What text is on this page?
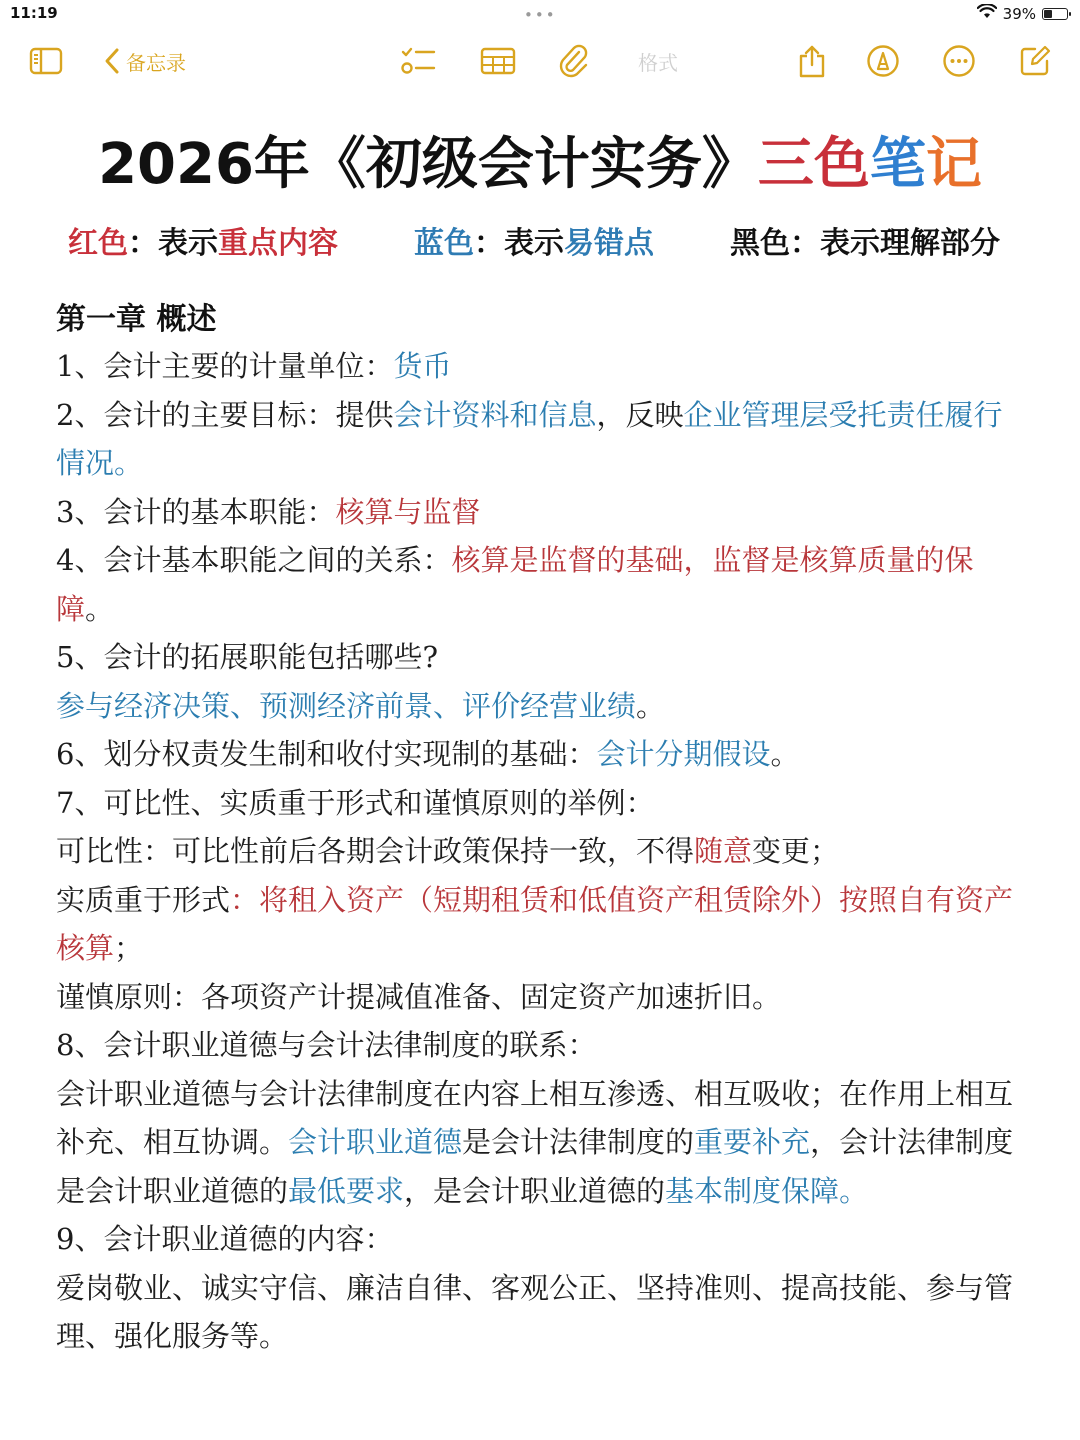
11:19	•••	39%
备忘录	格式
2026年《初级会计实务》三色笔记
红色：表示重点内容	蓝色：表示易错点	黑色：表示理解部分
第一章 概述

1、会计主要的计量单位：货币

2、会计的主要目标：提供会计资料和信息，反映企业管理层受托责任履行情况。

3、会计的基本职能：核算与监督

4、会计基本职能之间的关系：核算是监督的基础，监督是核算质量的保障。

5、会计的拓展职能包括哪些?

参与经济决策、预测经济前景、评价经营业绩。

6、划分权责发生制和收付实现制的基础：会计分期假设。

7、可比性、实质重于形式和谨慎原则的举例：

可比性：可比性前后各期会计政策保持一致，不得随意变更；

实质重于形式：将租入资产（短期租赁和低值资产租赁除外）按照自有资产核算；

谨慎原则：各项资产计提减值准备、固定资产加速折旧。

8、会计职业道德与会计法律制度的联系：

会计职业道德与会计法律制度在内容上相互渗透、相互吸收；在作用上相互补充、相互协调。会计职业道德是会计法律制度的重要补充，会计法律制度是会计职业道德的最低要求，是会计职业道德的基本制度保障。

9、会计职业道德的内容：

爱岗敬业、诚实守信、廉洁自律、客观公正、坚持准则、提高技能、参与管理、强化服务等。
